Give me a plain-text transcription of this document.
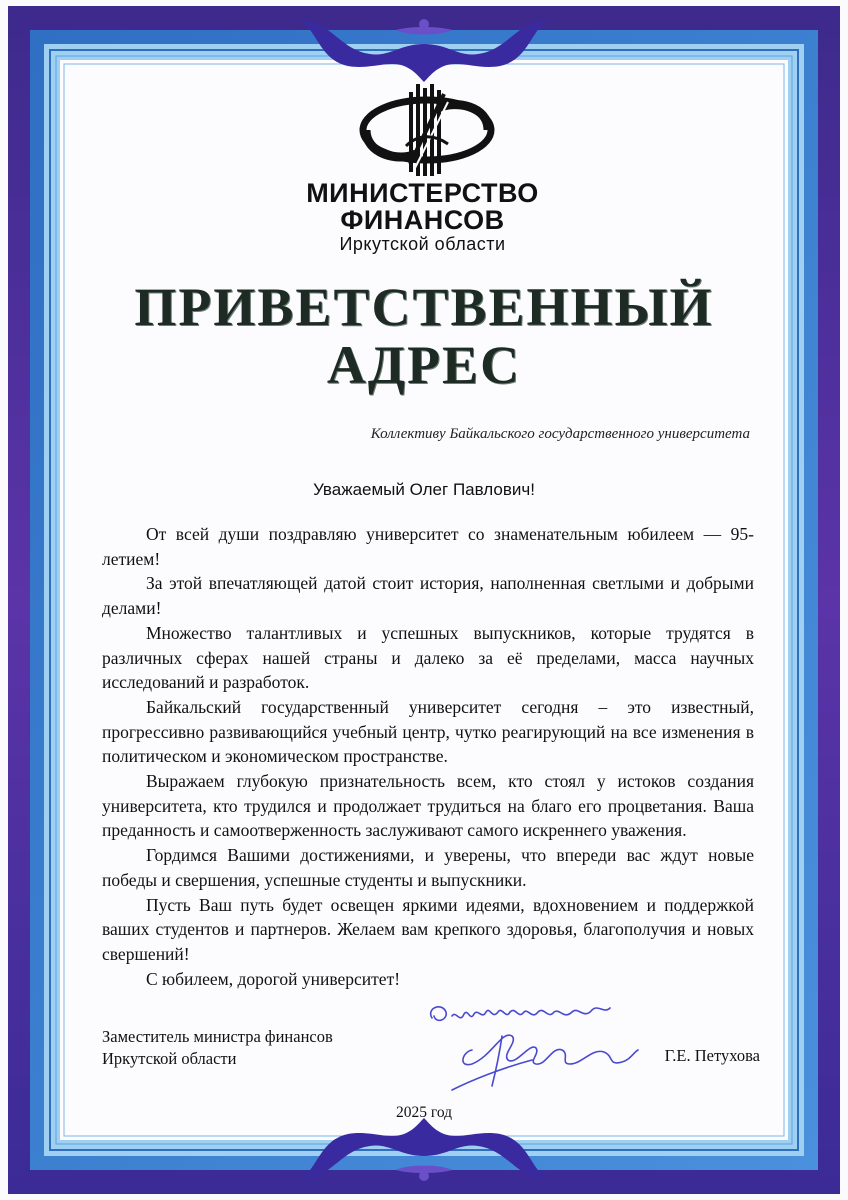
МИНИСТЕРСТВО
ФИНАНСОВ
Иркутской области
ПРИВЕТСТВЕННЫЙ
АДРЕС
Коллективу Байкальского государственного университета
Уважаемый Олег Павлович!

От всей души поздравляю университет со знаменательным юбилеем — 95-летием!

За этой впечатляющей датой стоит история, наполненная светлыми и добрыми делами!

Множество талантливых и успешных выпускников, которые трудятся в различных сферах нашей страны и далеко за её пределами, масса научных исследований и разработок.

Байкальский государственный университет сегодня – это известный, прогрессивно развивающийся учебный центр, чутко реагирующий на все изменения в политическом и экономическом пространстве.

Выражаем глубокую признательность всем, кто стоял у истоков создания университета, кто трудился и продолжает трудиться на благо его процветания. Ваша преданность и самоотверженность заслуживают самого искреннего уважения.

Гордимся Вашими достижениями, и уверены, что впереди вас ждут новые победы и свершения, успешные студенты и выпускники.

Пусть Ваш путь будет освещен яркими идеями, вдохновением и поддержкой ваших студентов и партнеров. Желаем вам крепкого здоровья, благополучия и новых свершений!

С юбилеем, дорогой университет!

Заместитель министра финансов
Иркутской области	Г.Е. Петухова
2025 год
